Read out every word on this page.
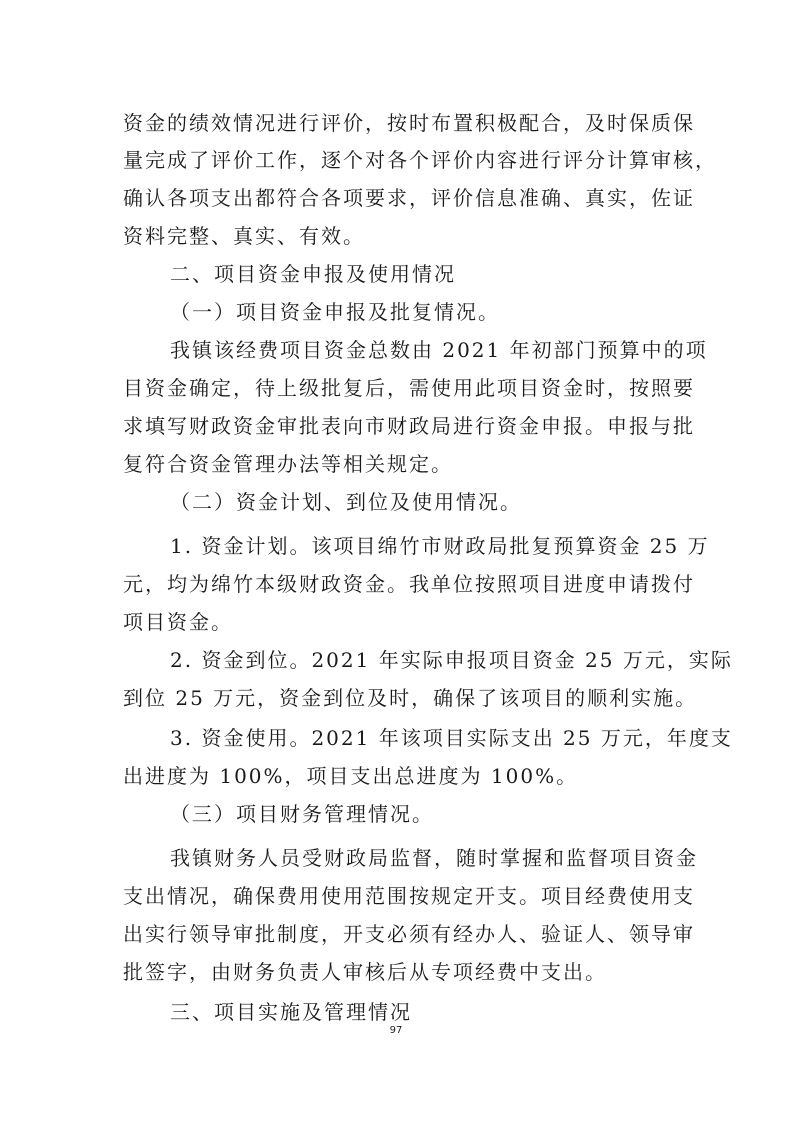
资金的绩效情况进行评价，按时布置积极配合，及时保质保
量完成了评价工作，逐个对各个评价内容进行评分计算审核，
确认各项支出都符合各项要求，评价信息准确、真实，佐证
资料完整、真实、有效。
二、项目资金申报及使用情况
（一）项目资金申报及批复情况。
我镇该经费项目资金总数由 2021 年初部门预算中的项
目资金确定，待上级批复后，需使用此项目资金时，按照要
求填写财政资金审批表向市财政局进行资金申报。申报与批
复符合资金管理办法等相关规定。
（二）资金计划、到位及使用情况。
1. 资金计划。该项目绵竹市财政局批复预算资金 25 万
元，均为绵竹本级财政资金。我单位按照项目进度申请拨付
项目资金。
2. 资金到位。2021 年实际申报项目资金 25 万元，实际
到位 25 万元，资金到位及时，确保了该项目的顺利实施。
3. 资金使用。2021 年该项目实际支出 25 万元，年度支
出进度为 100%，项目支出总进度为 100%。
（三）项目财务管理情况。
我镇财务人员受财政局监督，随时掌握和监督项目资金
支出情况，确保费用使用范围按规定开支。项目经费使用支
出实行领导审批制度，开支必须有经办人、验证人、领导审
批签字，由财务负责人审核后从专项经费中支出。
三、项目实施及管理情况
97
